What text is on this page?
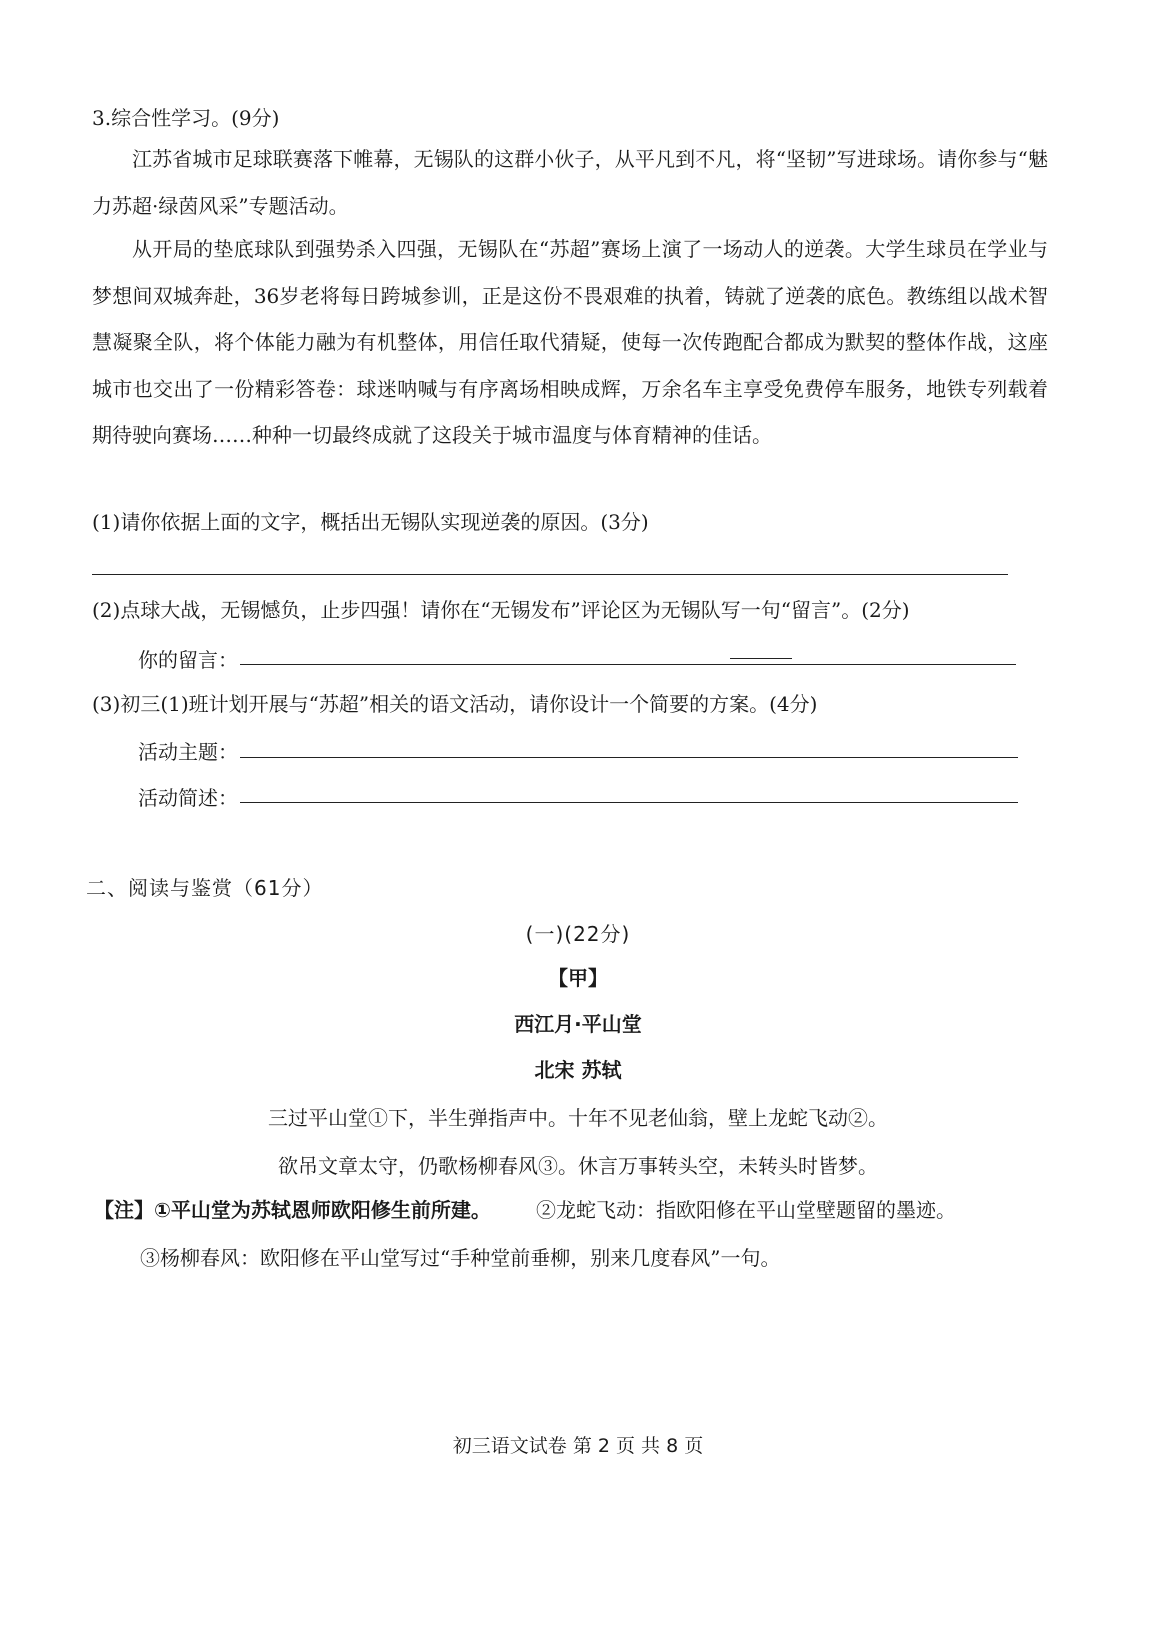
3.综合性学习。(9分)

江苏省城市足球联赛落下帷幕，无锡队的这群小伙子，从平凡到不凡，将“坚韧”写进球场。请你参与“魅力苏超·绿茵风采”专题活动。

从开局的垫底球队到强势杀入四强，无锡队在“苏超”赛场上演了一场动人的逆袭。大学生球员在学业与梦想间双城奔赴，36岁老将每日跨城参训，正是这份不畏艰难的执着，铸就了逆袭的底色。教练组以战术智慧凝聚全队，将个体能力融为有机整体，用信任取代猜疑，使每一次传跑配合都成为默契的整体作战，这座城市也交出了一份精彩答卷：球迷呐喊与有序离场相映成辉，万余名车主享受免费停车服务，地铁专列载着期待驶向赛场……种种一切最终成就了这段关于城市温度与体育精神的佳话。

(1)请你依据上面的文字，概括出无锡队实现逆袭的原因。(3分)
(2)点球大战，无锡憾负，止步四强！请你在“无锡发布”评论区为无锡队写一句“留言”。(2分)
你的留言：
(3)初三(1)班计划开展与“苏超”相关的语文活动，请你设计一个简要的方案。(4分)
活动主题：
活动简述：
二、阅读与鉴赏（61分）
(一)(22分)
【甲】
西江月·平山堂
北宋 苏轼
三过平山堂①下，半生弹指声中。十年不见老仙翁，壁上龙蛇飞动②。
欲吊文章太守，仍歌杨柳春风③。休言万事转头空，未转头时皆梦。
【注】①平山堂为苏轼恩师欧阳修生前所建。 ②龙蛇飞动：指欧阳修在平山堂壁题留的墨迹。
③杨柳春风：欧阳修在平山堂写过“手种堂前垂柳，别来几度春风”一句。
初三语文试卷 第 2 页 共 8 页
